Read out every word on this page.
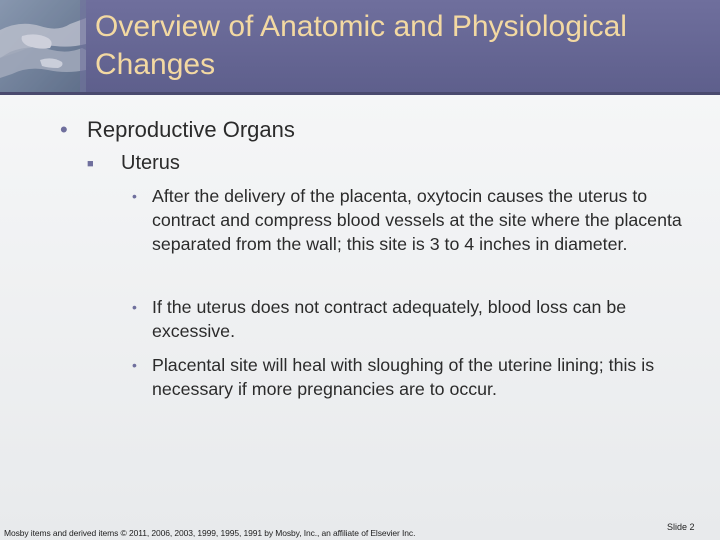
Overview of Anatomic and Physiological Changes
• Reproductive Organs
■	Uterus
• After the delivery of the placenta, oxytocin causes the uterus to contract and compress blood vessels at the site where the placenta separated from the wall; this site is 3 to 4 inches in diameter.
• If the uterus does not contract adequately, blood loss can be excessive.
• Placental site will heal with sloughing of the uterine lining; this is necessary if more pregnancies are to occur.
Mosby items and derived items © 2011, 2006, 2003, 1999, 1995, 1991 by Mosby, Inc., an affiliate of Elsevier Inc.
Slide 2
